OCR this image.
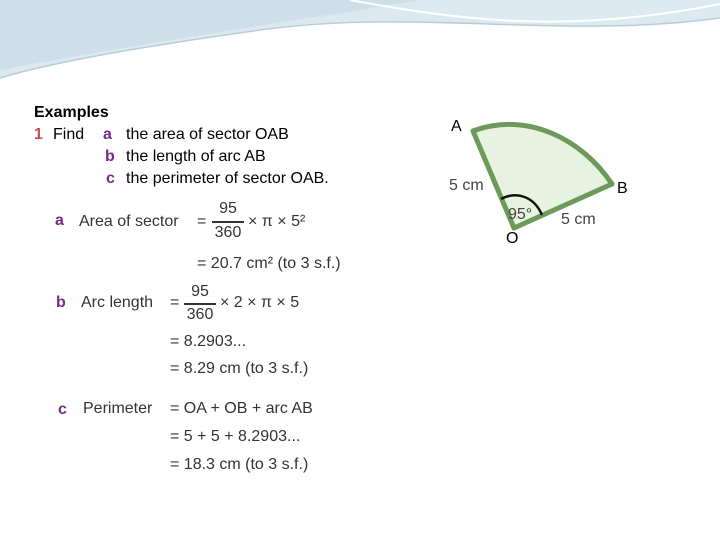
Examples
1 Find a the area of sector OAB
b the length of arc AB
c the perimeter of sector OAB.
a Area of sector =
95
360
× π × 5²
= 20.7 cm² (to 3 s.f.)
b Arc length =
95
360
× 2 × π × 5
= 8.2903...
= 8.29 cm (to 3 s.f.)
c Perimeter = OA + OB + arc AB
= 5 + 5 + 8.2903...
= 18.3 cm (to 3 s.f.)
A
B
O
5 cm
5 cm
95°
